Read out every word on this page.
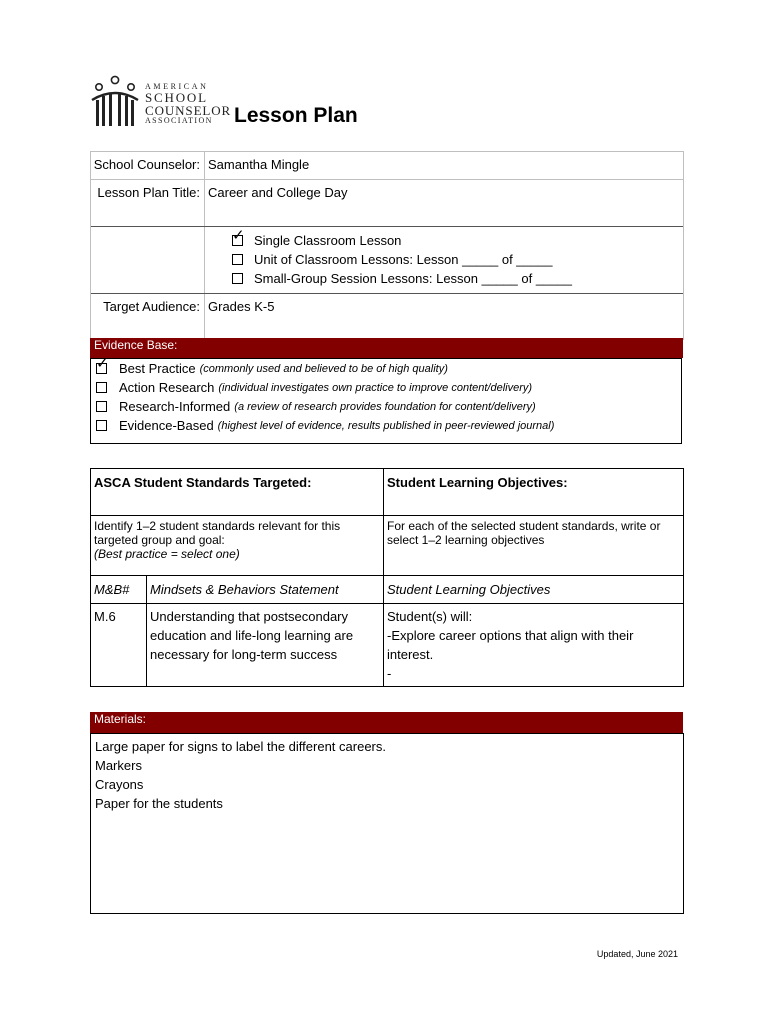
AMERICAN
SCHOOL
COUNSELOR
ASSOCIATION	Lesson Plan
School Counselor: Samantha Mingle
Lesson Plan Title: Career and College Day
✓ Single Classroom Lesson
Unit of Classroom Lessons: Lesson _____ of _____
Small-Group Session Lessons: Lesson _____ of _____
Target Audience: Grades K-5
Evidence Base:
✓ Best Practice (commonly used and believed to be of high quality)
Action Research (individual investigates own practice to improve content/delivery)
Research-Informed (a review of research provides foundation for content/delivery)
Evidence-Based (highest level of evidence, results published in peer-reviewed journal)
ASCA Student Standards Targeted:		Student Learning Objectives:

Identify 1–2 student standards relevant for this targeted group and goal:
(Best practice = select one)		For each of the selected student standards, write or select 1–2 learning objectives
M&B#	Mindsets & Behaviors Statement	Student Learning Objectives
M.6	Understanding that postsecondary education and life-long learning are necessary for long-term success	Student(s) will:
-Explore career options that align with their interest.
-
Materials:
Large paper for signs to label the different careers.
Markers
Crayons
Paper for the students
Updated, June 2021
